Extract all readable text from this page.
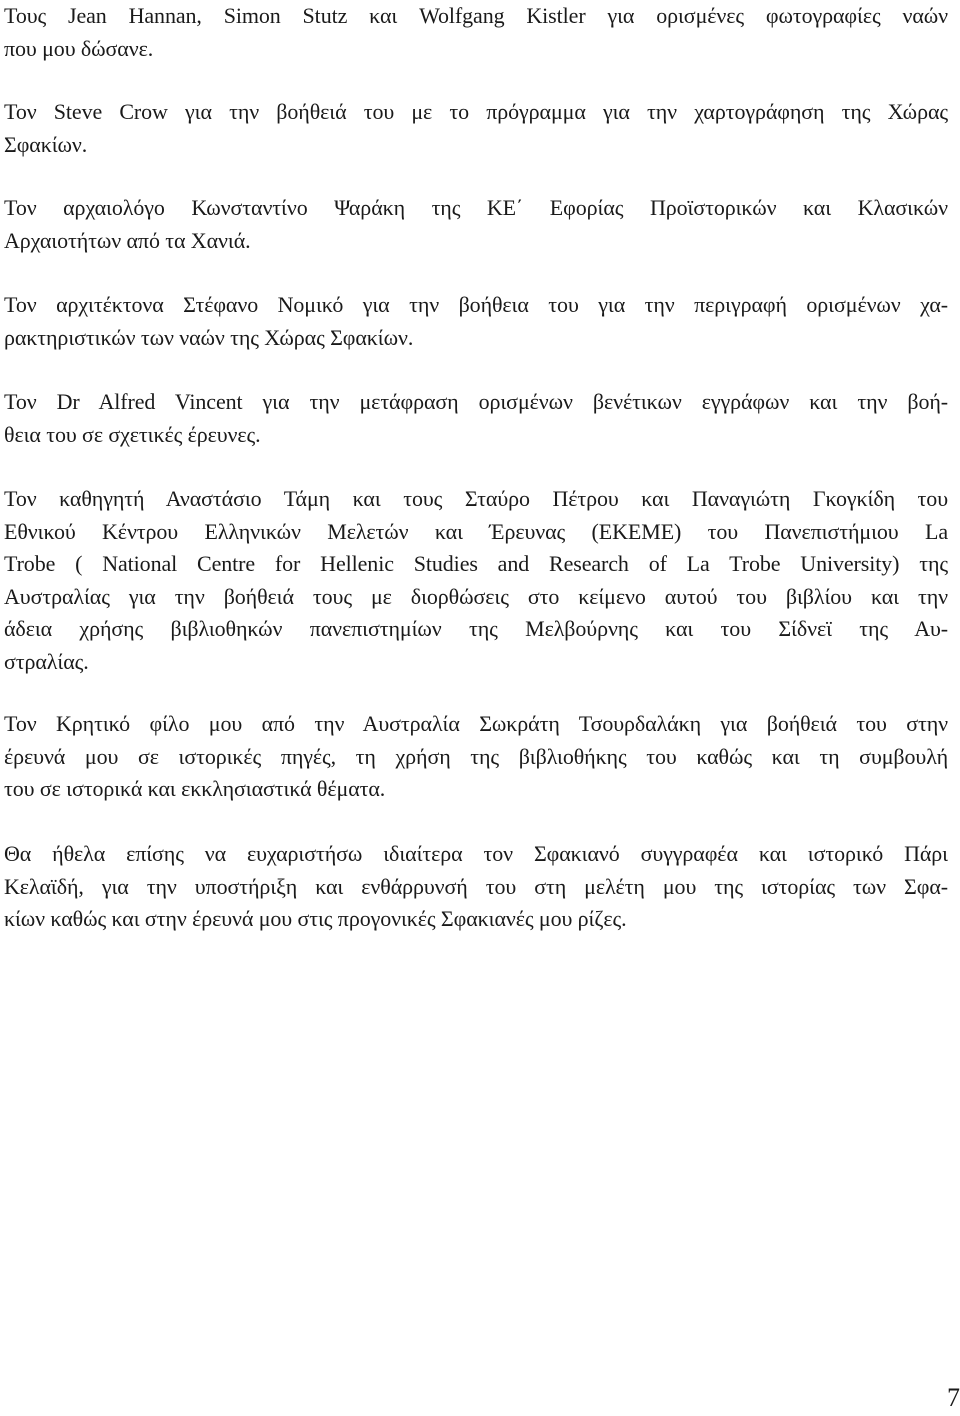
Τους Jean Hannan, Simon Stutz και Wolfgang Kistler για ορισμένες φωτογραφίες ναών
που μου δώσανε.

Τον Steve Crow για την βοήθειά του με το πρόγραμμα για την χαρτογράφηση της Χώρας
Σφακίων.

Τον αρχαιολόγο Κωνσταντίνο Ψαράκη της ΚΕ΄ Εφορίας Προϊστορικών και Κλασικών
Αρχαιοτήτων από τα Χανιά.

Τον αρχιτέκτονα Στέφανο Νομικό για την βοήθεια του για την περιγραφή ορισμένων χα-
ρακτηριστικών των ναών της Χώρας Σφακίων.

Τον Dr Alfred Vincent για την μετάφραση ορισμένων βενέτικων εγγράφων και την βοή-
θεια του σε σχετικές έρευνες.

Τον καθηγητή Αναστάσιο Τάμη και τους Σταύρο Πέτρου και Παναγιώτη Γκογκίδη του
Εθνικού Κέντρου Ελληνικών Μελετών και Έρευνας (ΕΚΕΜΕ) του Πανεπιστήμιου La
Trobe ( National Centre for Hellenic Studies and Research of La Trobe University) της
Αυστραλίας για την βοήθειά τους με διορθώσεις στο κείμενο αυτού του βιβλίου και την
άδεια χρήσης βιβλιοθηκών πανεπιστημίων της Μελβούρνης και του Σίδνεϊ της Αυ-
στραλίας.

Τον Κρητικό φίλο μου από την Αυστραλία Σωκράτη Τσουρδαλάκη για βοήθειά του στην
έρευνά μου σε ιστορικές πηγές, τη χρήση της βιβλιοθήκης του καθώς και τη συμβουλή
του σε ιστορικά και εκκλησιαστικά θέματα.

Θα ήθελα επίσης να ευχαριστήσω ιδιαίτερα τον Σφακιανό συγγραφέα και ιστορικό Πάρι
Κελαϊδή, για την υποστήριξη και ενθάρρυνσή του στη μελέτη μου της ιστορίας των Σφα-
κίων καθώς και στην έρευνά μου στις προγονικές Σφακιανές μου ρίζες.

7
